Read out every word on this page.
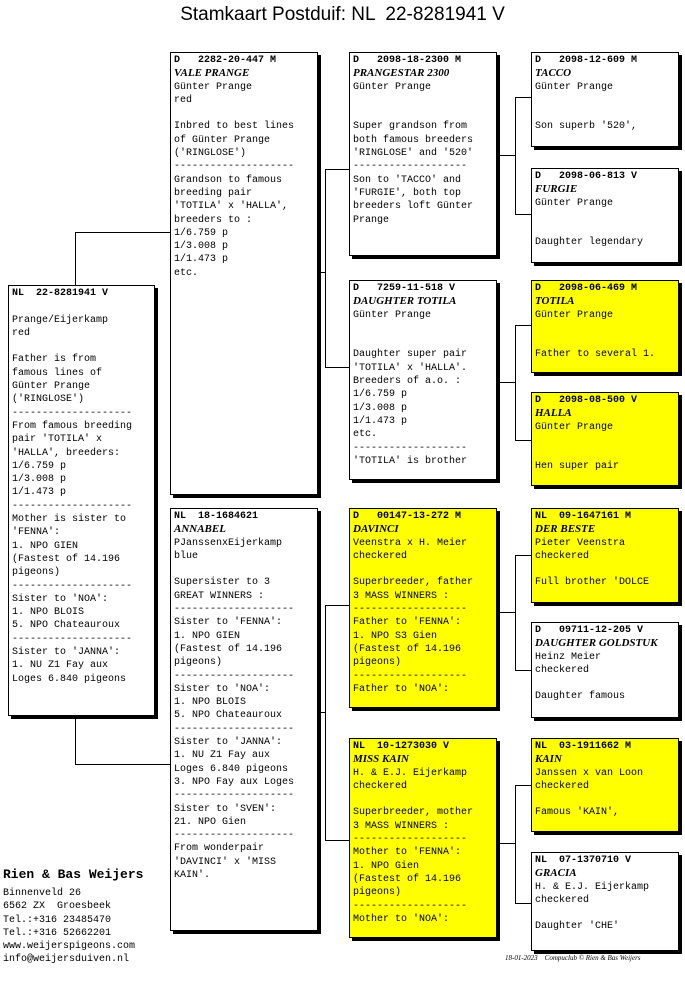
Stamkaart Postduif: NL  22-8281941 V
NL  22-8281941 V
Prange/Eijerkamp
red
Father is from
famous lines of
Günter Prange
('RINGLOSE')
--------------------
From famous breeding
pair 'TOTILA' x
'HALLA', breeders:
1/6.759 p
1/3.008 p
1/1.473 p
--------------------
Mother is sister to
'FENNA':
1. NPO GIEN
(Fastest of 14.196
pigeons)
--------------------
Sister to 'NOA':
1. NPO BLOIS
5. NPO Chateauroux
--------------------
Sister to 'JANNA':
1. NU Z1 Fay aux
Loges 6.840 pigeons
D   2282-20-447 M
VALE PRANGE
Günter Prange
red
Inbred to best lines
of Günter Prange
('RINGLOSE')
--------------------
Grandson to famous
breeding pair
'TOTILA' x 'HALLA',
breeders to :
1/6.759 p
1/3.008 p
1/1.473 p
etc.
NL  18-1684621
ANNABEL
PJanssenxEijerkamp
blue
Supersister to 3
GREAT WINNERS :
--------------------
Sister to 'FENNA':
1. NPO GIEN
(Fastest of 14.196
pigeons)
--------------------
Sister to 'NOA':
1. NPO BLOIS
5. NPO Chateauroux
--------------------
Sister to 'JANNA':
1. NU Z1 Fay aux
Loges 6.840 pigeons
3. NPO Fay aux Loges
--------------------
Sister to 'SVEN':
21. NPO Gien
--------------------
From wonderpair
'DAVINCI' x 'MISS
KAIN'.
D   2098-18-2300 M
PRANGESTAR 2300
Günter Prange
Super grandson from
both famous breeders
'RINGLOSE' and '520'
-------------------
Son to 'TACCO' and
'FURGIE', both top
breeders loft Günter
Prange
D   7259-11-518 V
DAUGHTER TOTILA
Günter Prange
Daughter super pair
'TOTILA' x 'HALLA'.
Breeders of a.o. :
1/6.759 p
1/3.008 p
1/1.473 p
etc.
-------------------
'TOTILA' is brother
D   00147-13-272 M
DAVINCI
Veenstra x H. Meier
checkered
Superbreeder, father
3 MASS WINNERS :
-------------------
Father to 'FENNA':
1. NPO S3 Gien
(Fastest of 14.196
pigeons)
-------------------
Father to 'NOA':
NL  10-1273030 V
MISS KAIN
H. & E.J. Eijerkamp
checkered
Superbreeder, mother
3 MASS WINNERS :
-------------------
Mother to 'FENNA':
1. NPO Gien
(Fastest of 14.196
pigeons)
-------------------
Mother to 'NOA':
D   2098-12-609 M
TACCO
Günter Prange
Son superb '520',
D   2098-06-813 V
FURGIE
Günter Prange
Daughter legendary
D   2098-06-469 M
TOTILA
Günter Prange
Father to several 1.
D   2098-08-500 V
HALLA
Günter Prange
Hen super pair
NL  09-1647161 M
DER BESTE
Pieter Veenstra
checkered
Full brother 'DOLCE
D   09711-12-205 V
DAUGHTER GOLDSTUK
Heinz Meier
checkered
Daughter famous
NL  03-1911662 M
KAIN
Janssen x van Loon
checkered
Famous 'KAIN',
NL  07-1370710 V
GRACIA
H. & E.J. Eijerkamp
checkered
Daughter 'CHE'
Rien & Bas Weijers
Binnenveld 26
6562 ZX  Groesbeek
Tel.:+316 23485470
Tel.:+316 52662201
www.weijerspigeons.com
info@weijersduiven.nl	18-01-2023    Compuclub © Rien & Bas Weijers
